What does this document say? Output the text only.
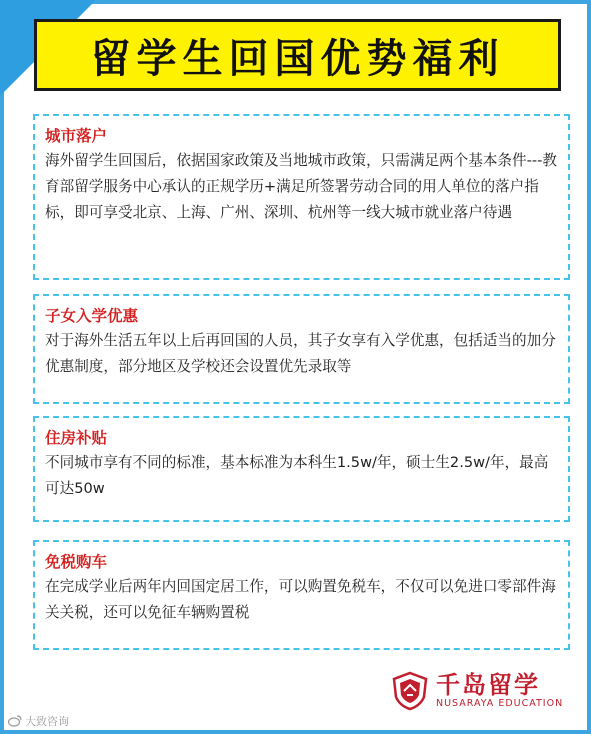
留学生回国优势福利
城市落户
海外留学生回国后，依据国家政策及当地城市政策，只需满足两个基本条件---教育部留学服务中心承认的正规学历+满足所签署劳动合同的用人单位的落户指标，即可享受北京、上海、广州、深圳、杭州等一线大城市就业落户待遇
子女入学优惠
对于海外生活五年以上后再回国的人员，其子女享有入学优惠，包括适当的加分优惠制度，部分地区及学校还会设置优先录取等
住房补贴
不同城市享有不同的标准，基本标准为本科生1.5w/年，硕士生2.5w/年，最高可达50w
免税购车
在完成学业后两年内回国定居工作，可以购置免税车，不仅可以免进口零部件海关关税，还可以免征车辆购置税
千岛留学
NUSARAYA EDUCATION
大致咨询
